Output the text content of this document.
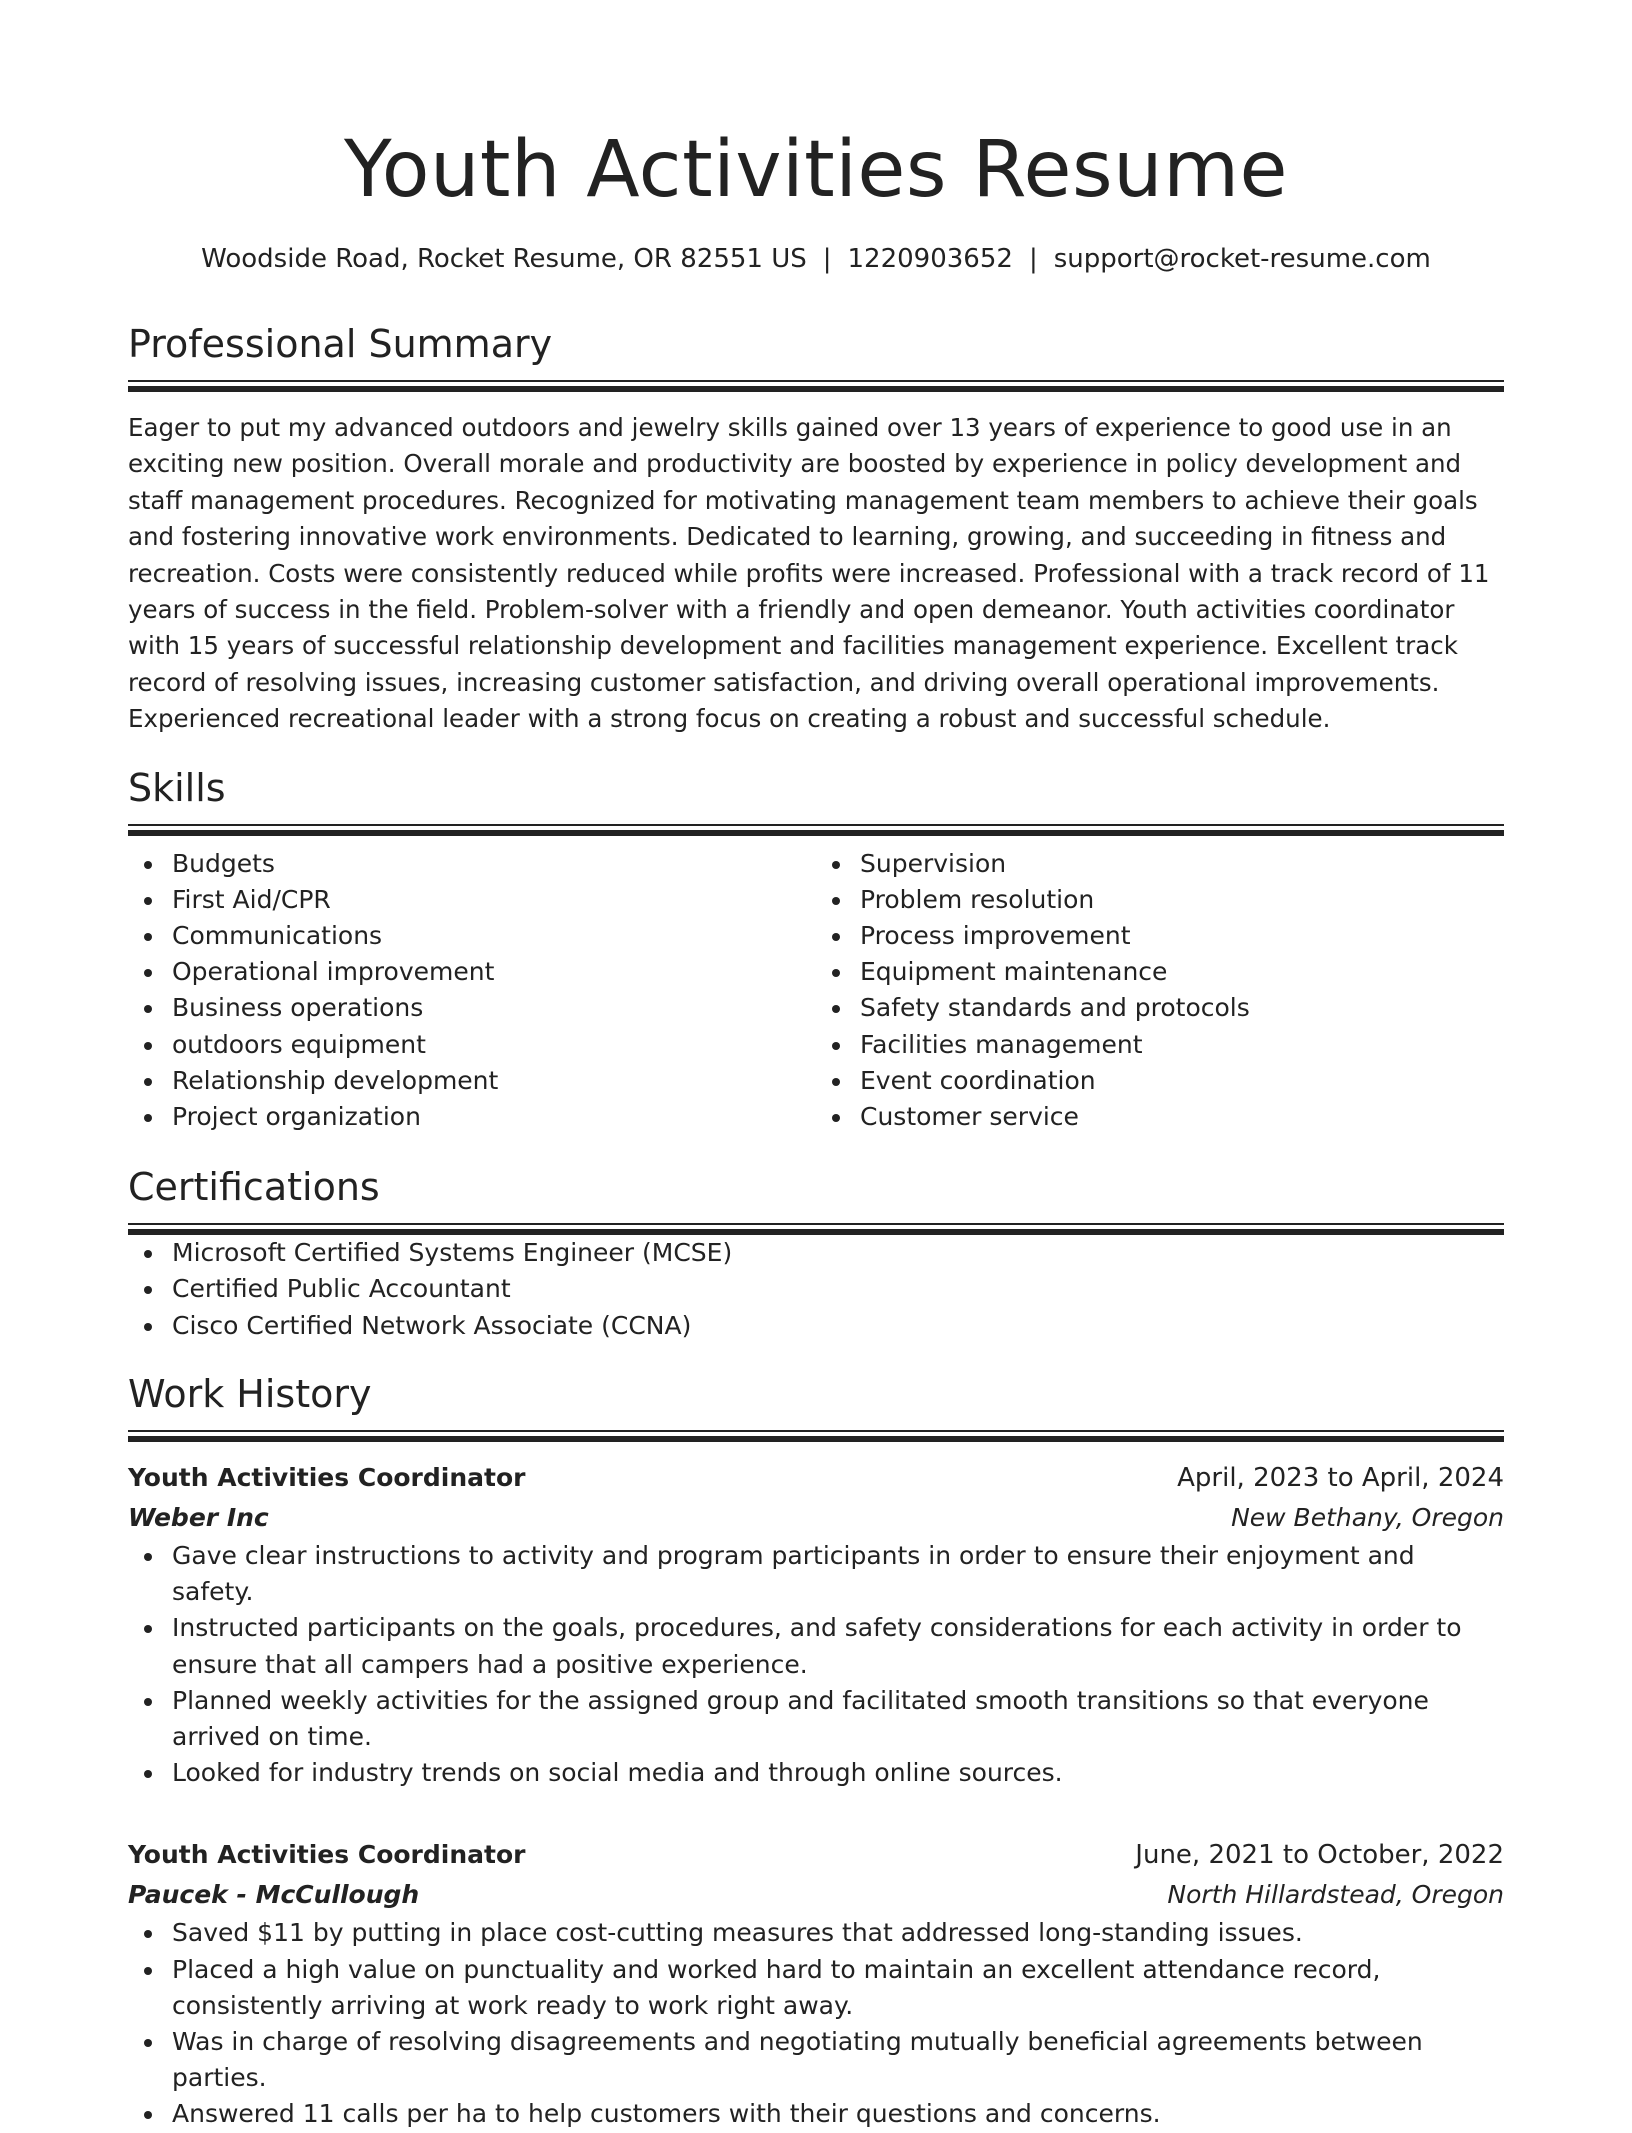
Youth Activities Resume
Woodside Road, Rocket Resume, OR 82551 US | 1220903652 | support@rocket-resume.com
Professional Summary

Eager to put my advanced outdoors and jewelry skills gained over 13 years of experience to good use in an exciting new position. Overall morale and productivity are boosted by experience in policy development and staff management procedures. Recognized for motivating management team members to achieve their goals and fostering innovative work environments. Dedicated to learning, growing, and succeeding in fitness and recreation. Costs were consistently reduced while profits were increased. Professional with a track record of 11 years of success in the field. Problem-solver with a friendly and open demeanor. Youth activities coordinator with 15 years of successful relationship development and facilities management experience. Excellent track record of resolving issues, increasing customer satisfaction, and driving overall operational improvements. Experienced recreational leader with a strong focus on creating a robust and successful schedule.

Skills
Budgets
First Aid/CPR
Communications
Operational improvement
Business operations
outdoors equipment
Relationship development
Project organization
Supervision
Problem resolution
Process improvement
Equipment maintenance
Safety standards and protocols
Facilities management
Event coordination
Customer service
Certifications
Microsoft Certified Systems Engineer (MCSE)
Certified Public Accountant
Cisco Certified Network Associate (CCNA)
Work History
Youth Activities Coordinator	April, 2023 to April, 2024
Weber Inc	New Bethany, Oregon
Gave clear instructions to activity and program participants in order to ensure their enjoyment and safety.
Instructed participants on the goals, procedures, and safety considerations for each activity in order to ensure that all campers had a positive experience.
Planned weekly activities for the assigned group and facilitated smooth transitions so that everyone arrived on time.
Looked for industry trends on social media and through online sources.
Youth Activities Coordinator	June, 2021 to October, 2022
Paucek - McCullough	North Hillardstead, Oregon
Saved $11 by putting in place cost-cutting measures that addressed long-standing issues.
Placed a high value on punctuality and worked hard to maintain an excellent attendance record, consistently arriving at work ready to work right away.
Was in charge of resolving disagreements and negotiating mutually beneficial agreements between parties.
Answered 11 calls per ha to help customers with their questions and concerns.
